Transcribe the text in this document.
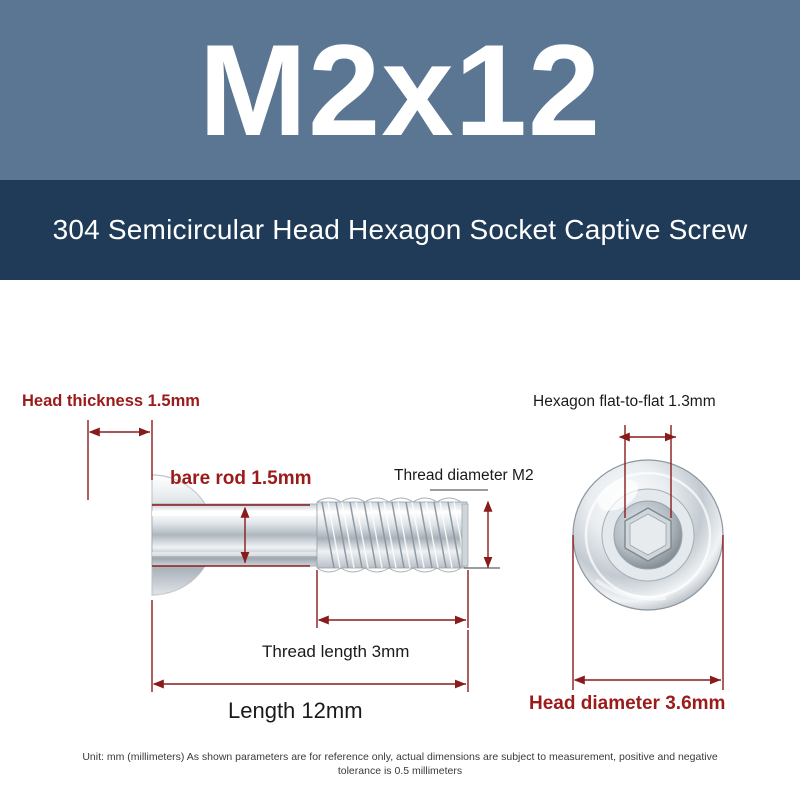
M2x12
304 Semicircular Head Hexagon Socket Captive Screw
Head thickness 1.5mm
bare rod 1.5mm	Thread diameter M2
Hexagon flat-to-flat 1.3mm
Thread length 3mm
Length 12mm	Head diameter 3.6mm
Unit: mm (millimeters) As shown parameters are for reference only, actual dimensions are subject to measurement, positive and negative tolerance is 0.5 millimeters
